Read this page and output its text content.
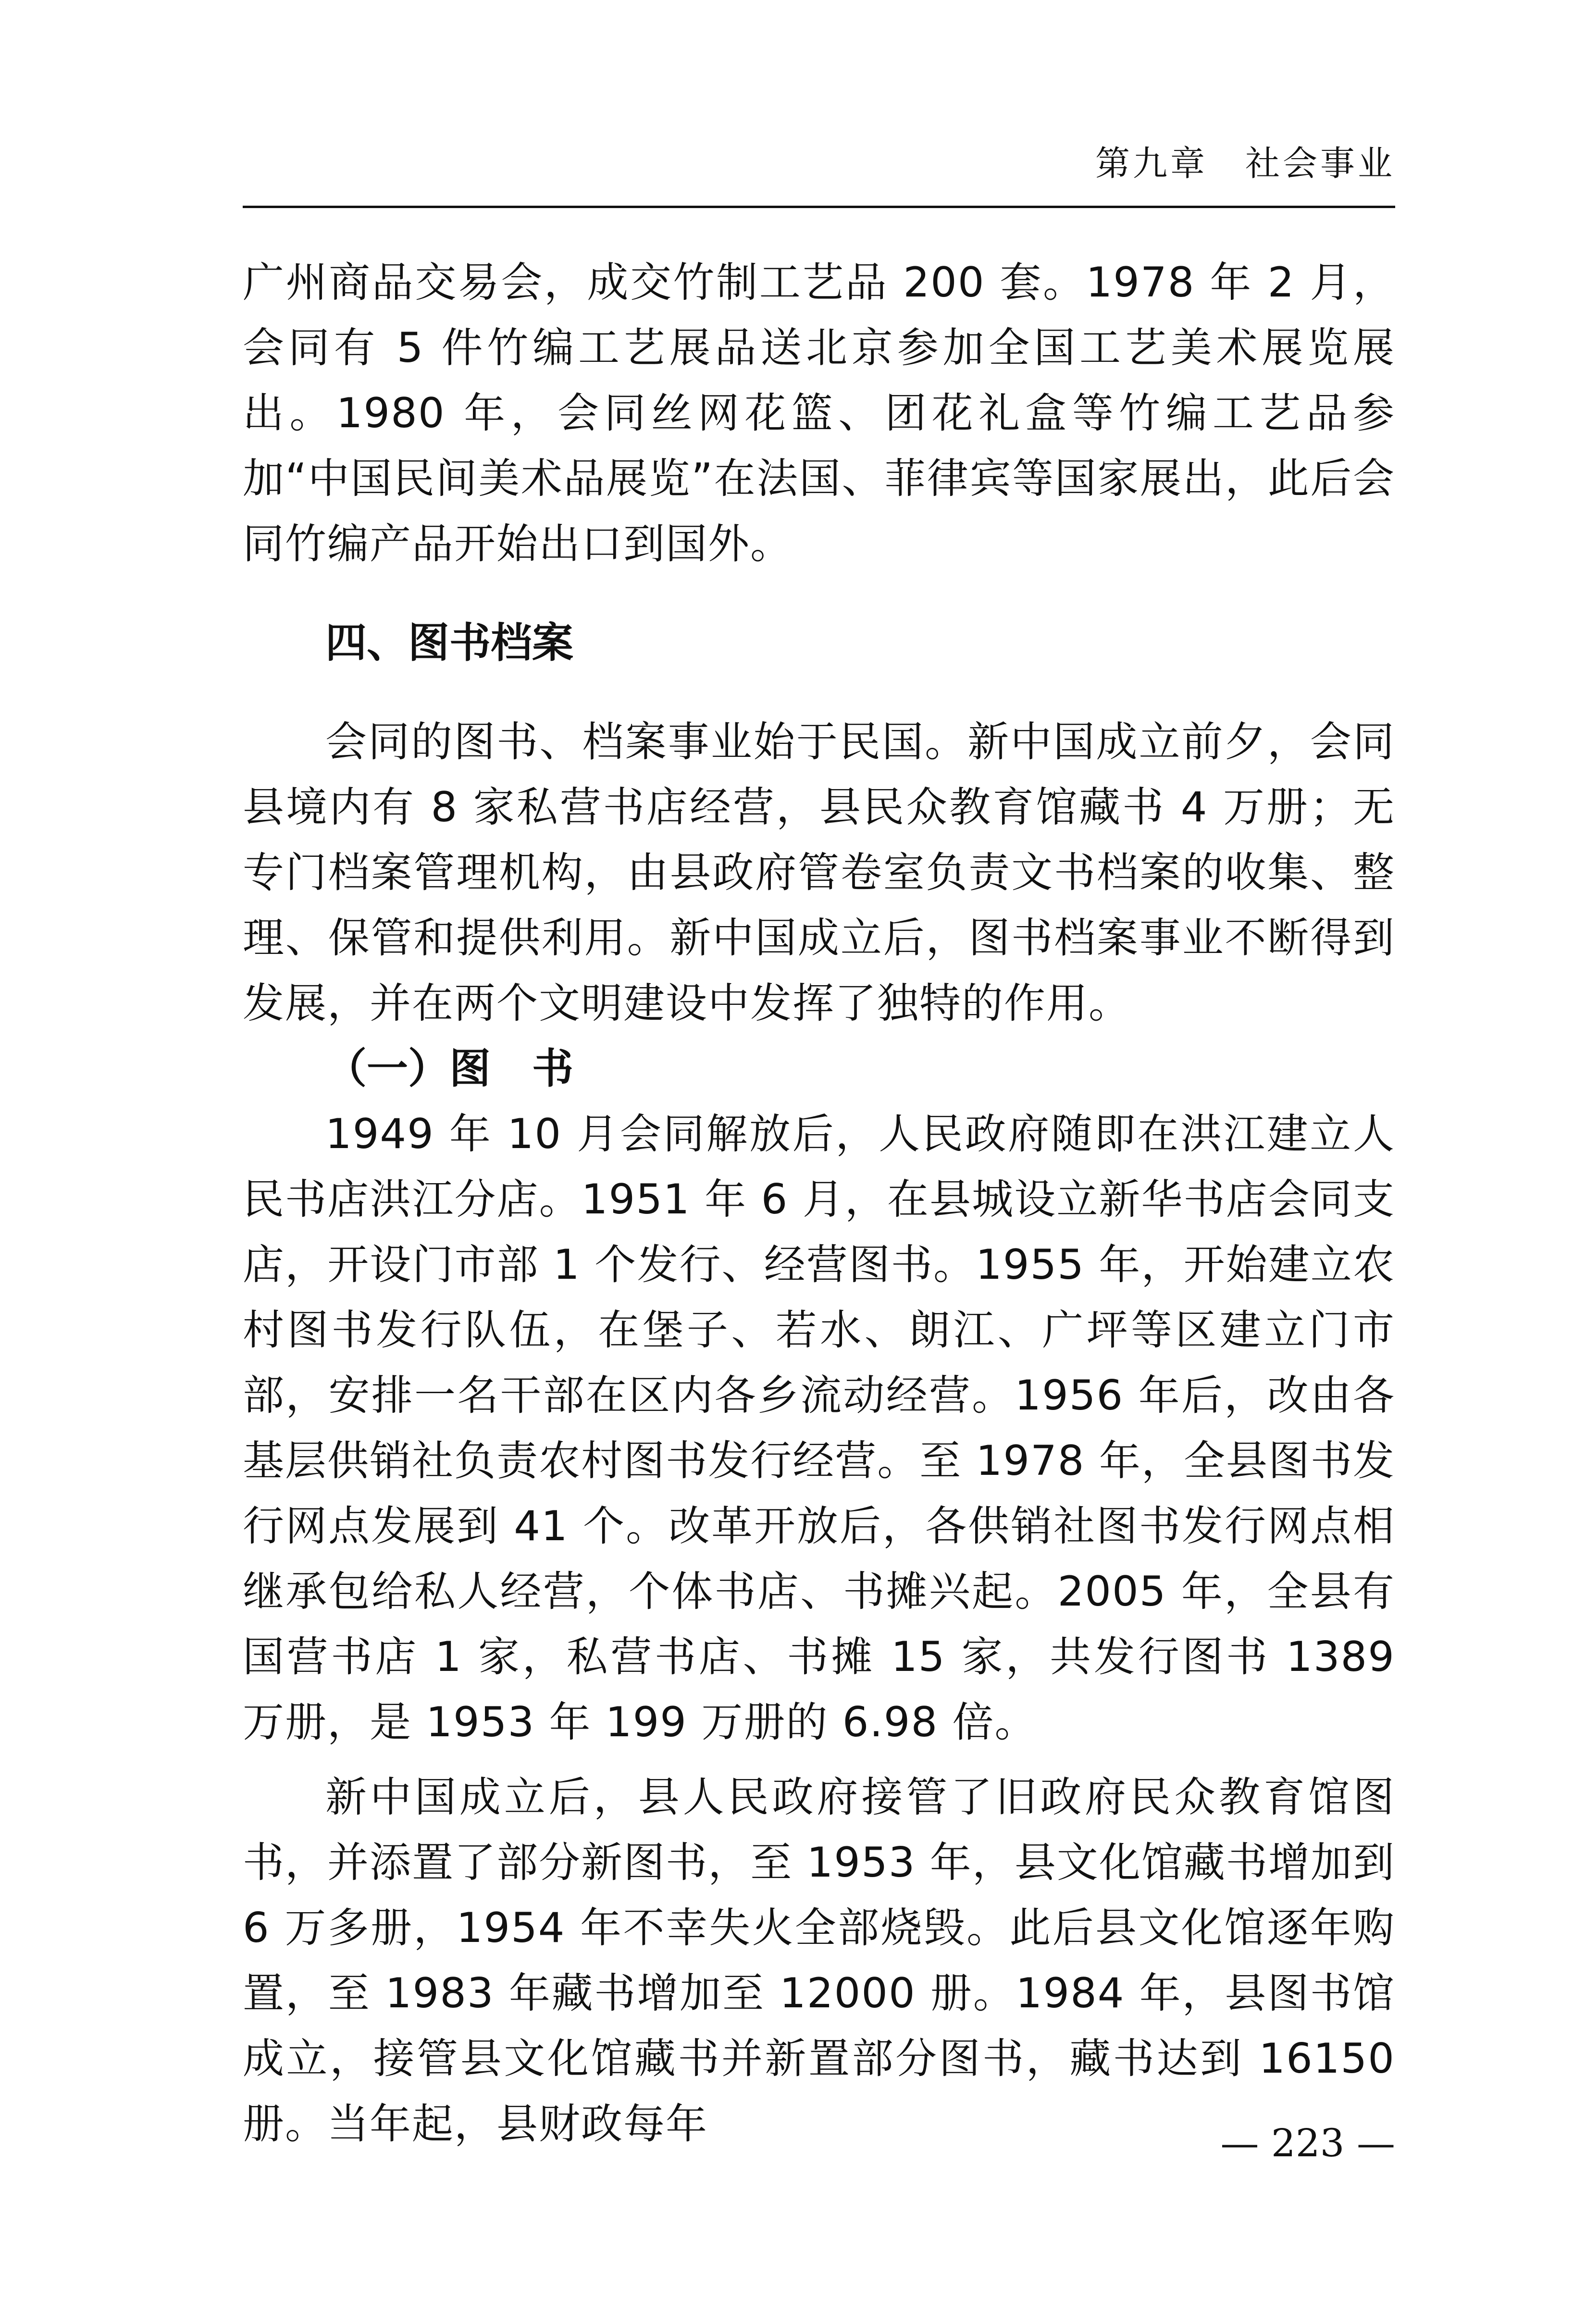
第九章　社会事业

广州商品交易会，成交竹制工艺品 200 套。1978 年 2 月，会同有 5 件竹编工艺展品送北京参加全国工艺美术展览展出。1980 年，会同丝网花篮、团花礼盒等竹编工艺品参加“中国民间美术品展览”在法国、菲律宾等国家展出，此后会同竹编产品开始出口到国外。

四、图书档案

会同的图书、档案事业始于民国。新中国成立前夕，会同县境内有 8 家私营书店经营，县民众教育馆藏书 4 万册；无专门档案管理机构，由县政府管卷室负责文书档案的收集、整理、保管和提供利用。新中国成立后，图书档案事业不断得到发展，并在两个文明建设中发挥了独特的作用。

（一）图　书

1949 年 10 月会同解放后，人民政府随即在洪江建立人民书店洪江分店。1951 年 6 月，在县城设立新华书店会同支店，开设门市部 1 个发行、经营图书。1955 年，开始建立农村图书发行队伍，在堡子、若水、朗江、广坪等区建立门市部，安排一名干部在区内各乡流动经营。1956 年后，改由各基层供销社负责农村图书发行经营。至 1978 年，全县图书发行网点发展到 41 个。改革开放后，各供销社图书发行网点相继承包给私人经营，个体书店、书摊兴起。2005 年，全县有国营书店 1 家，私营书店、书摊 15 家，共发行图书 1389 万册，是 1953 年 199 万册的 6.98 倍。

新中国成立后，县人民政府接管了旧政府民众教育馆图书，并添置了部分新图书，至 1953 年，县文化馆藏书增加到 6 万多册，1954 年不幸失火全部烧毁。此后县文化馆逐年购置，至 1983 年藏书增加至 12000 册。1984 年，县图书馆成立，接管县文化馆藏书并新置部分图书，藏书达到 16150 册。当年起，县财政每年	— 223 —
